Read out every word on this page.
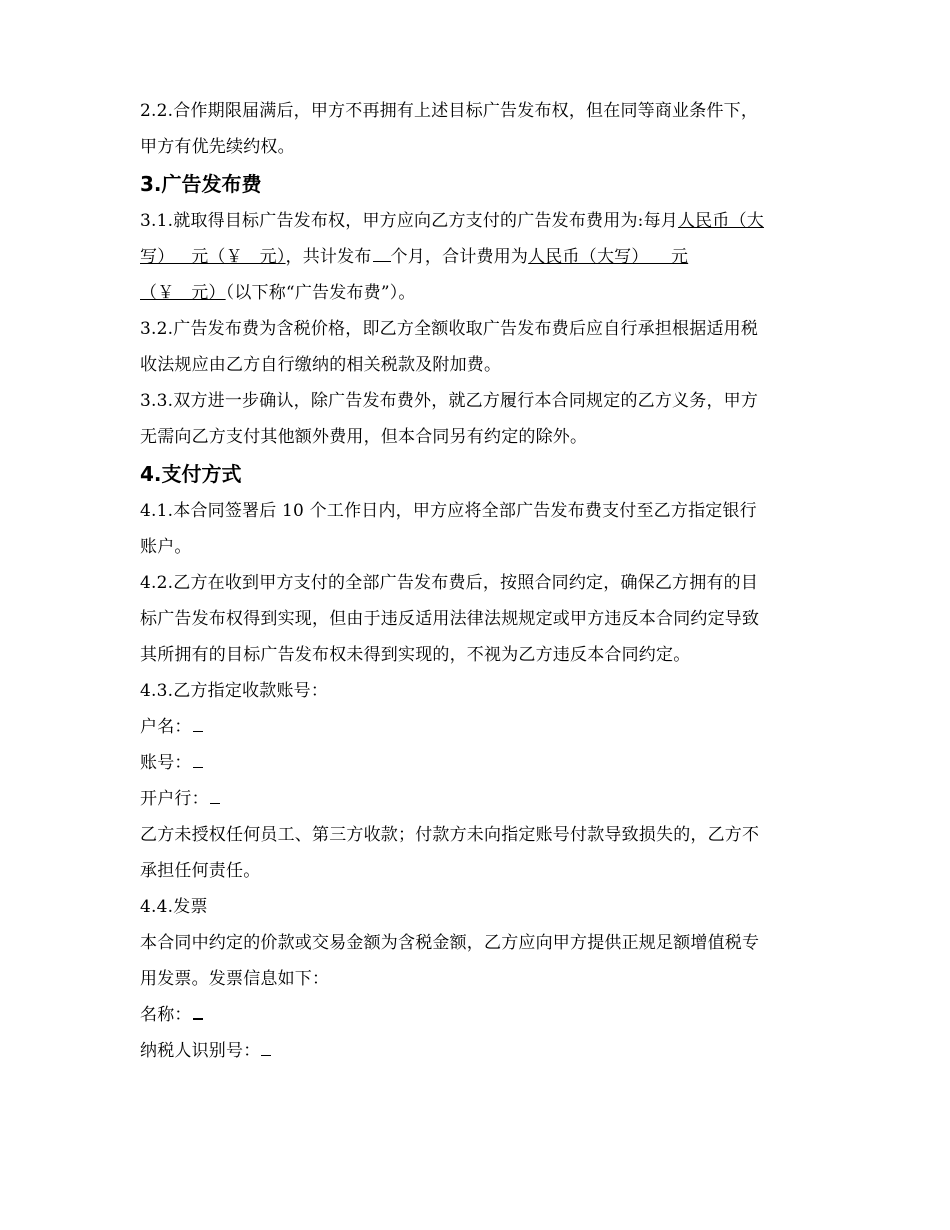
2.2.合作期限届满后，甲方不再拥有上述目标广告发布权，但在同等商业条件下，

甲方有优先续约权。

3.广告发布费

3.1.就取得目标广告发布权，甲方应向乙方支付的广告发布费用为:每月人民币（大

写）   元（￥   元），共计发布 个月，合计费用为人民币（大写）    元

（￥   元）（以下称“广告发布费”）。

3.2.广告发布费为含税价格，即乙方全额收取广告发布费后应自行承担根据适用税

收法规应由乙方自行缴纳的相关税款及附加费。

3.3.双方进一步确认，除广告发布费外，就乙方履行本合同规定的乙方义务，甲方

无需向乙方支付其他额外费用，但本合同另有约定的除外。

4.支付方式

4.1.本合同签署后 10 个工作日内，甲方应将全部广告发布费支付至乙方指定银行

账户。

4.2.乙方在收到甲方支付的全部广告发布费后，按照合同约定，确保乙方拥有的目

标广告发布权得到实现，但由于违反适用法律法规规定或甲方违反本合同约定导致

其所拥有的目标广告发布权未得到实现的，不视为乙方违反本合同约定。

4.3.乙方指定收款账号：

户名：

账号：

开户行：

乙方未授权任何员工、第三方收款；付款方未向指定账号付款导致损失的，乙方不

承担任何责任。

4.4.发票

本合同中约定的价款或交易金额为含税金额，乙方应向甲方提供正规足额增值税专

用发票。发票信息如下：

名称：

纳税人识别号：
